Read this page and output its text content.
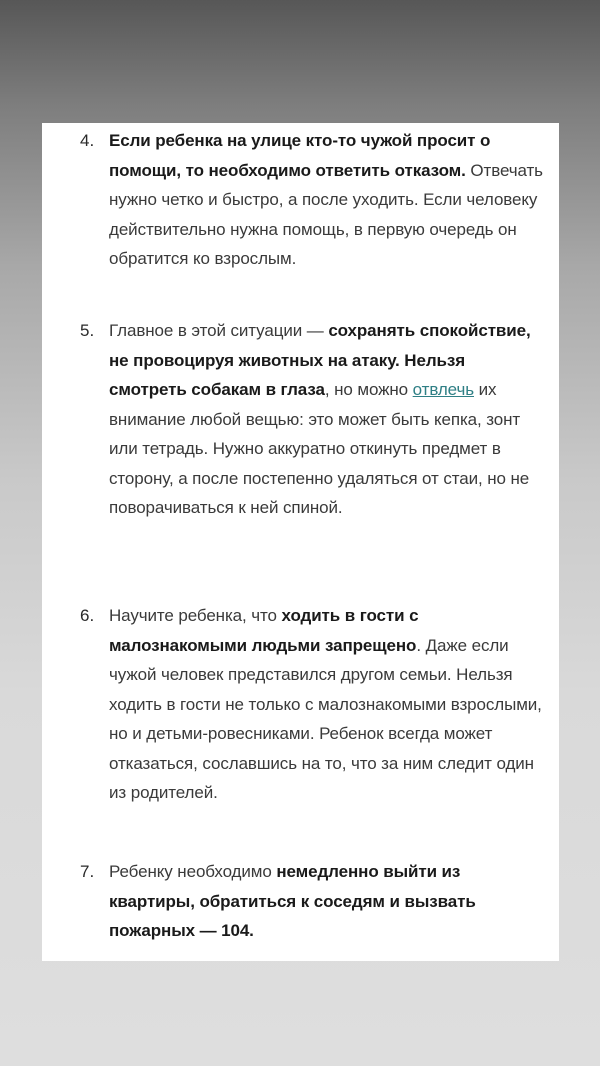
4. Если ребенка на улице кто-то чужой просит о помощи, то необходимо ответить отказом. Отвечать нужно четко и быстро, а после уходить. Если человеку действительно нужна помощь, в первую очередь он обратится ко взрослым.
5. Главное в этой ситуации — сохранять спокойствие, не провоцируя животных на атаку. Нельзя смотреть собакам в глаза, но можно отвлечь их внимание любой вещью: это может быть кепка, зонт или тетрадь. Нужно аккуратно откинуть предмет в сторону, а после постепенно удаляться от стаи, но не поворачиваться к ней спиной.
6. Научите ребенка, что ходить в гости с малознакомыми людьми запрещено. Даже если чужой человек представился другом семьи. Нельзя ходить в гости не только с малознакомыми взрослыми, но и детьми-ровесниками. Ребенок всегда может отказаться, сославшись на то, что за ним следит один из родителей.
7. Ребенку необходимо немедленно выйти из квартиры, обратиться к соседям и вызвать пожарных — 104.
